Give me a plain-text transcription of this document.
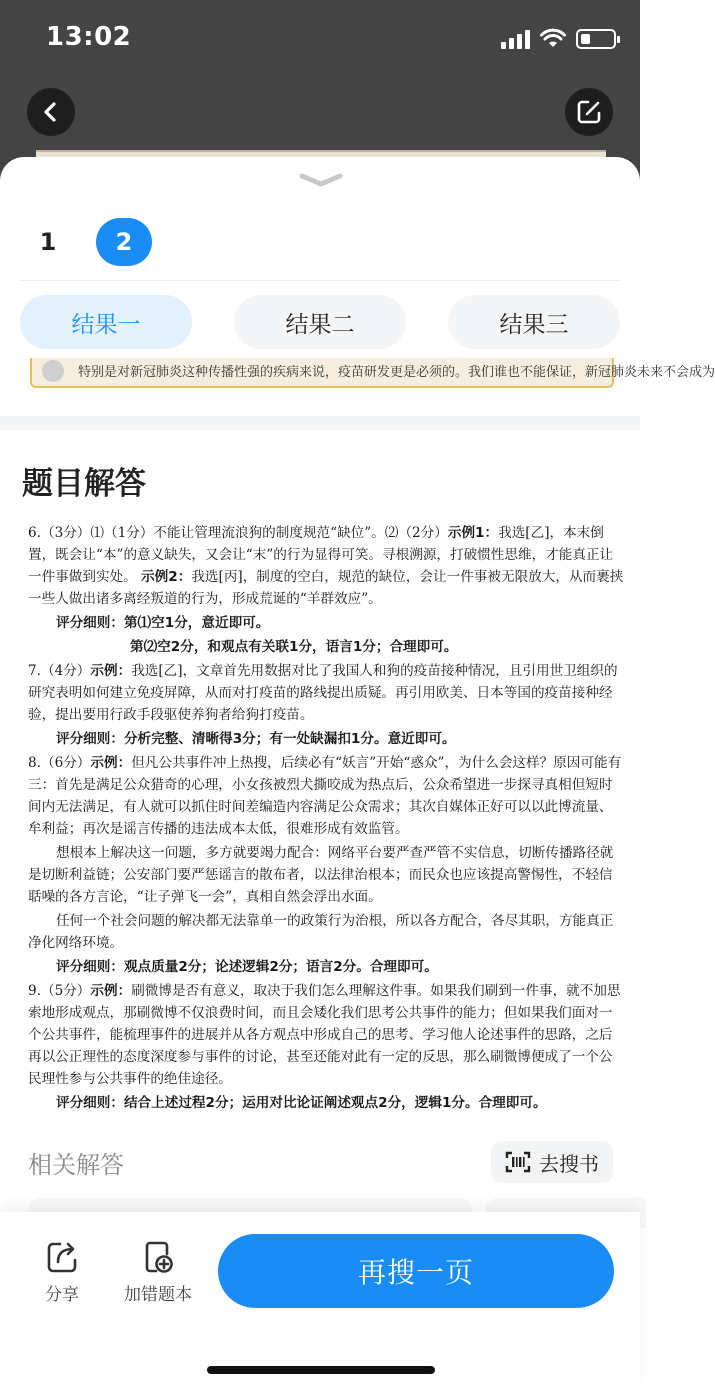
13:02
1	2
结果一	结果二	结果三
特别是对新冠肺炎这种传播性强的疾病来说，疫苗研发更是必须的。我们谁也不能保证，新冠肺炎未来不会成为
题目解答

6.（3分）⑴（1分）不能让管理流浪狗的制度规范“缺位”。⑵（2分）示例1：我选[乙]，本末倒置，既会让“本”的意义缺失，又会让“末”的行为显得可笑。寻根溯源，打破惯性思维，才能真正让一件事做到实处。 示例2：我选[丙]，制度的空白，规范的缺位，会让一件事被无限放大，从而裹挟一些人做出诸多离经叛道的行为，形成荒诞的“羊群效应”。

评分细则：第⑴空1分，意近即可。

第⑵空2分，和观点有关联1分，语言1分；合理即可。

7.（4分）示例：我选[乙]，文章首先用数据对比了我国人和狗的疫苗接种情况，且引用世卫组织的研究表明如何建立免疫屏障，从而对打疫苗的路线提出质疑。再引用欧美、日本等国的疫苗接种经验，提出要用行政手段驱使养狗者给狗打疫苗。

评分细则：分析完整、清晰得3分；有一处缺漏扣1分。意近即可。

8.（6分）示例：但凡公共事件冲上热搜，后续必有“妖言”开始“惑众”，为什么会这样？原因可能有三：首先是满足公众猎奇的心理，小女孩被烈犬撕咬成为热点后，公众希望进一步探寻真相但短时间内无法满足，有人就可以抓住时间差编造内容满足公众需求；其次自媒体正好可以以此博流量、牟利益；再次是谣言传播的违法成本太低，很难形成有效监管。

想根本上解决这一问题，多方就要竭力配合：网络平台要严查严管不实信息，切断传播路径就是切断利益链；公安部门要严惩谣言的散布者，以法律治根本；而民众也应该提高警惕性，不轻信聒噪的各方言论，“让子弹飞一会”，真相自然会浮出水面。

任何一个社会问题的解决都无法靠单一的政策行为治根，所以各方配合，各尽其职，方能真正净化网络环境。

评分细则：观点质量2分；论述逻辑2分；语言2分。合理即可。

9.（5分）示例：刷微博是否有意义，取决于我们怎么理解这件事。如果我们刷到一件事，就不加思索地形成观点，那刷微博不仅浪费时间，而且会矮化我们思考公共事件的能力；但如果我们面对一个公共事件，能梳理事件的进展并从各方观点中形成自己的思考、学习他人论述事件的思路，之后再以公正理性的态度深度参与事件的讨论，甚至还能对此有一定的反思，那么刷微博便成了一个公民理性参与公共事件的绝佳途径。

评分细则：结合上述过程2分；运用对比论证阐述观点2分，逻辑1分。合理即可。

相关解答	去搜书
分享	加错题本
再搜一页
